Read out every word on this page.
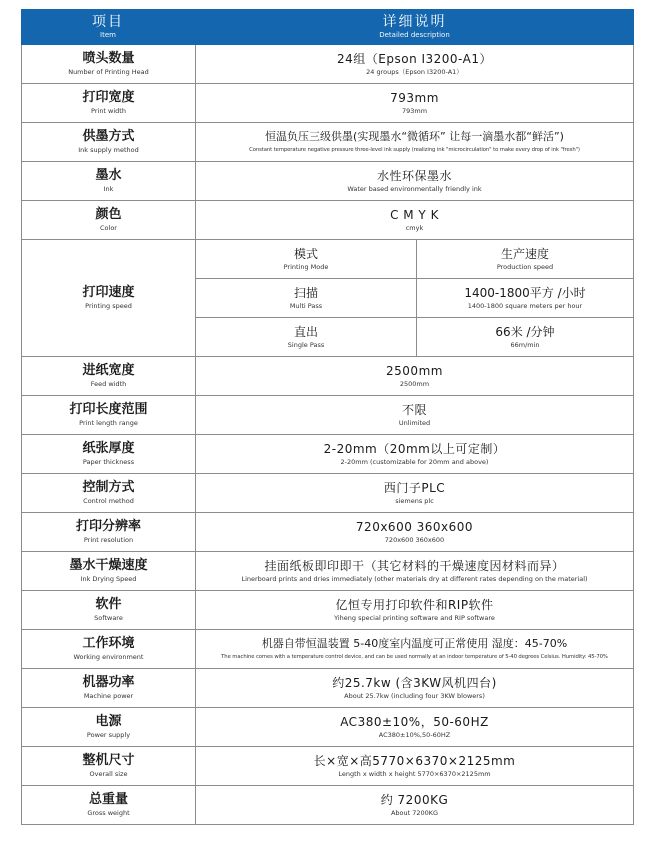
项目
Item
详细说明
Detailed description
喷头数量
Number of Printing Head
24组（Epson I3200-A1）
24 groups（Epson I3200-A1）
打印宽度
Print width
793mm
793mm
供墨方式
Ink supply method
恒温负压三级供墨(实现墨水“微循环” 让每一滴墨水都“鲜活”)
Constant temperature negative pressure three-level ink supply (realizing ink "microcirculation" to make every drop of ink "fresh")
墨水
Ink
水性环保墨水
Water based environmentally friendly ink
颜色
Color
C M Y K
cmyk
打印速度
Printing speed
模式
Printing Mode
生产速度
Production speed
扫描
Multi Pass
1400-1800平方 /小时
1400-1800 square meters per hour
直出
Single Pass
66米 /分钟
66m/min
进纸宽度
Feed width
2500mm
2500mm
打印长度范围
Print length range
不限
Unlimited
纸张厚度
Paper thickness
2-20mm（20mm以上可定制）
2-20mm (customizable for 20mm and above)
控制方式
Control method
西门子PLC
siemens plc
打印分辨率
Print resolution
720x600 360x600
720x600 360x600
墨水干燥速度
Ink Drying Speed
挂面纸板即印即干（其它材料的干燥速度因材料而异）
Linerboard prints and dries immediately (other materials dry at different rates depending on the material)
软件
Software
亿恒专用打印软件和RIP软件
Yiheng special printing software and RIP software
工作环境
Working environment
机器自带恒温装置 5-40度室内温度可正常使用 湿度：45-70%
The machine comes with a temperature control device, and can be used normally at an indoor temperature of 5-40 degrees Celsius. Humidity: 45-70%
机器功率
Machine power
约25.7kw (含3KW风机四台)
About 25.7kw (including four 3KW blowers)
电源
Power supply
AC380±10%，50-60HZ
AC380±10%,50-60HZ
整机尺寸
Overall size
长×宽×高5770×6370×2125mm
Length x width x height 5770×6370×2125mm
总重量
Gross weight
约 7200KG
About 7200KG
